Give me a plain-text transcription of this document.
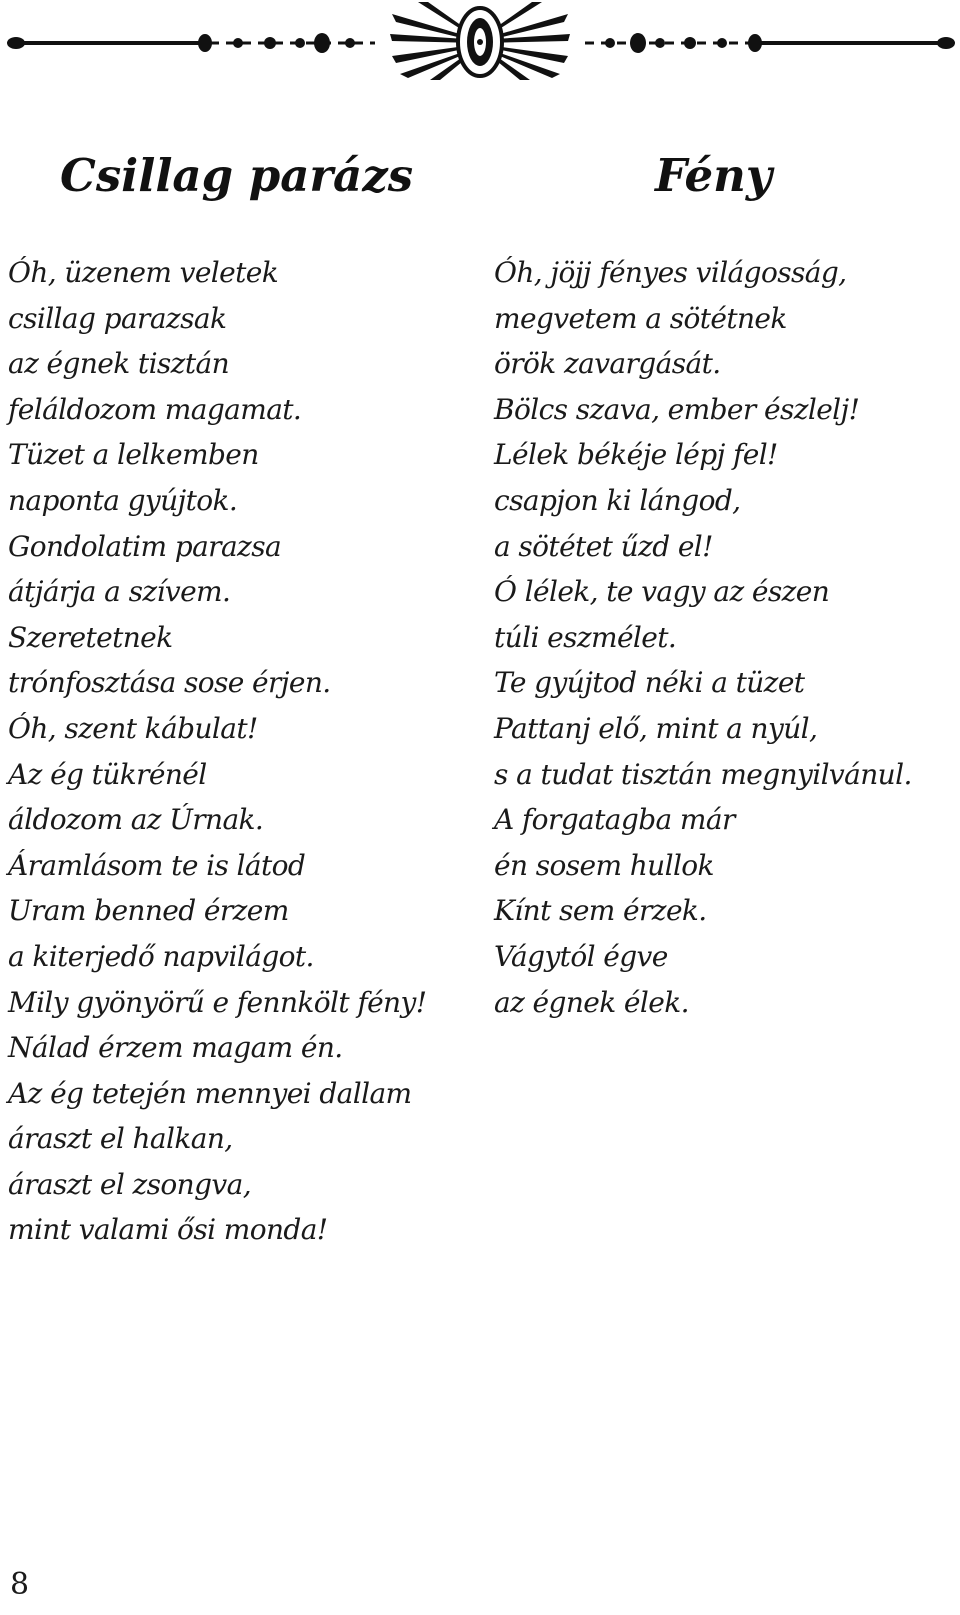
Csillag parázs	Fény
Óh, üzenem veletek
csillag parazsak
az égnek tisztán
feláldozom magamat.
Tüzet a lelkemben
naponta gyújtok.
Gondolatim parazsa
átjárja a szívem.
Szeretetnek
trónfosztása sose érjen.
Óh, szent kábulat!
Az ég tükrénél
áldozom az Úrnak.
Áramlásom te is látod
Uram benned érzem
a kiterjedő napvilágot.
Mily gyönyörű e fennkölt fény!
Nálad érzem magam én.
Az ég tetején mennyei dallam
áraszt el halkan,
áraszt el zsongva,
mint valami ősi monda!
Óh, jöjj fényes világosság,
megvetem a sötétnek
örök zavargását.
Bölcs szava, ember észlelj!
Lélek békéje lépj fel!
csapjon ki lángod,
a sötétet űzd el!
Ó lélek, te vagy az észen
túli eszmélet.
Te gyújtod néki a tüzet
Pattanj elő, mint a nyúl,
s a tudat tisztán megnyilvánul.
A forgatagba már
én sosem hullok
Kínt sem érzek.
Vágytól égve
az égnek élek.
8
